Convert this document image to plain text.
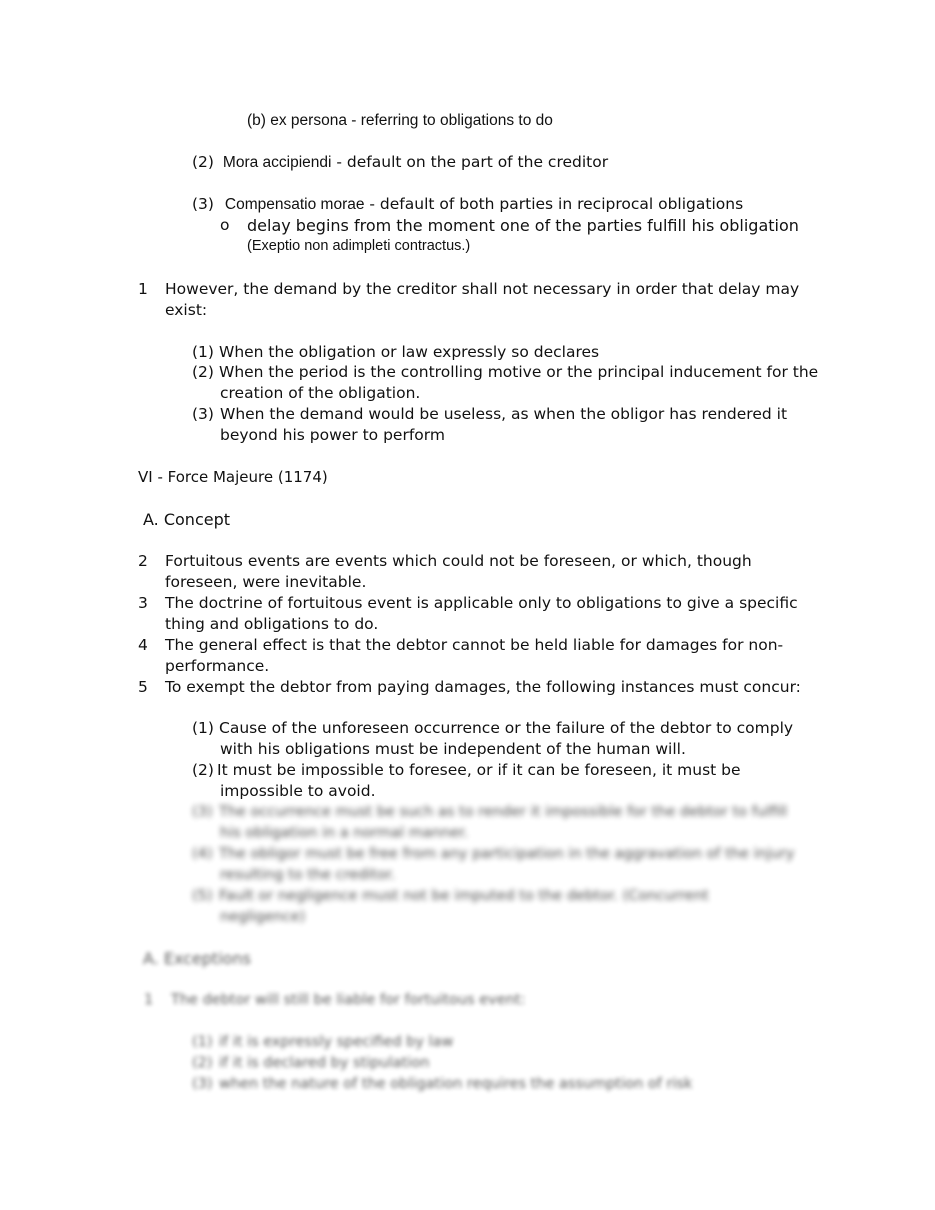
(b) ex persona - referring to obligations to do
(2) Mora accipiendi - default on the part of the creditor
(3) Compensatio morae - default of both parties in reciprocal obligations
o delay begins from the moment one of the parties fulfill his obligation
(Exeptio non adimpleti contractus.)
1 However, the demand by the creditor shall not necessary in order that delay may
exist:
(1) When the obligation or law expressly so declares
(2) When the period is the controlling motive or the principal inducement for the
creation of the obligation.
(3) When the demand would be useless, as when the obligor has rendered it
beyond his power to perform
VI - Force Majeure (1174)
A. Concept
2 Fortuitous events are events which could not be foreseen, or which, though
foreseen, were inevitable.
3 The doctrine of fortuitous event is applicable only to obligations to give a specific
thing and obligations to do.
4 The general effect is that the debtor cannot be held liable for damages for non-
performance.
5 To exempt the debtor from paying damages, the following instances must concur:
(1) Cause of the unforeseen occurrence or the failure of the debtor to comply
with his obligations must be independent of the human will.
(2) It must be impossible to foresee, or if it can be foreseen, it must be
impossible to avoid.
(3) The occurrence must be such as to render it impossible for the debtor to fulfill
his obligation in a normal manner.
(4) The obligor must be free from any participation in the aggravation of the injury
resulting to the creditor.
(5) Fault or negligence must not be imputed to the debtor. (Concurrent
negligence)
A. Exceptions
1 The debtor will still be liable for fortuitous event:
(1) if it is expressly specified by law
(2) if it is declared by stipulation
(3) when the nature of the obligation requires the assumption of risk
